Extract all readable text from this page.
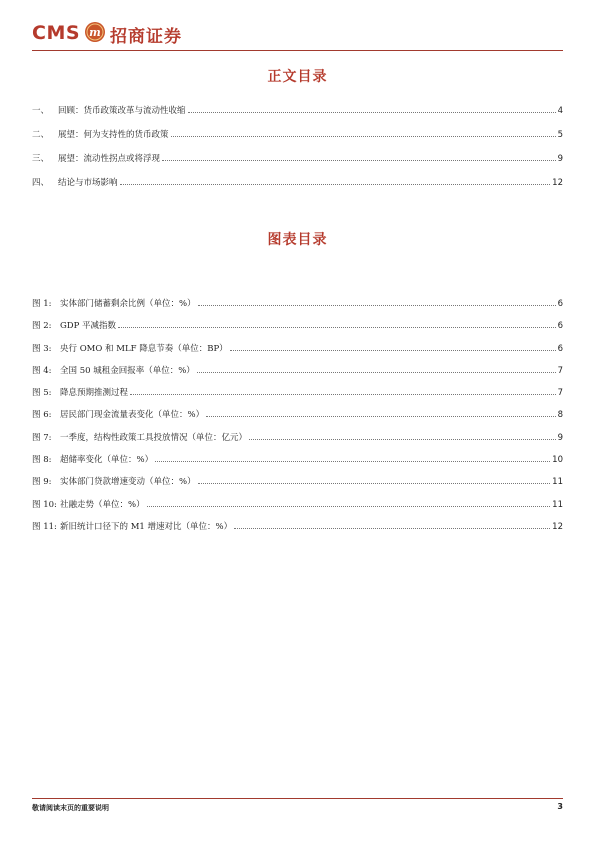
CMS m 招商证券
正文目录
一、	回顾：货币政策改革与流动性收缩	4
二、	展望：何为支持性的货币政策	5
三、	展望：流动性拐点或将浮现	9
四、	结论与市场影响	12
图表目录
图 1:	实体部门储蓄剩余比例（单位：%）	6
图 2:	GDP 平减指数	6
图 3:	央行 OMO 和 MLF 降息节奏（单位：BP）	6
图 4:	全国 50 城租金回报率（单位：%）	7
图 5:	降息预期推测过程	7
图 6:	居民部门现金流量表变化（单位：%）	8
图 7:	一季度，结构性政策工具投放情况（单位：亿元）	9
图 8:	超储率变化（单位：%）	10
图 9:	实体部门贷款增速变动（单位：%）	11
图 10: 社融走势（单位：%）	11
图 11: 新旧统计口径下的 M1 增速对比（单位：%）	12
敬请阅读末页的重要说明	3
